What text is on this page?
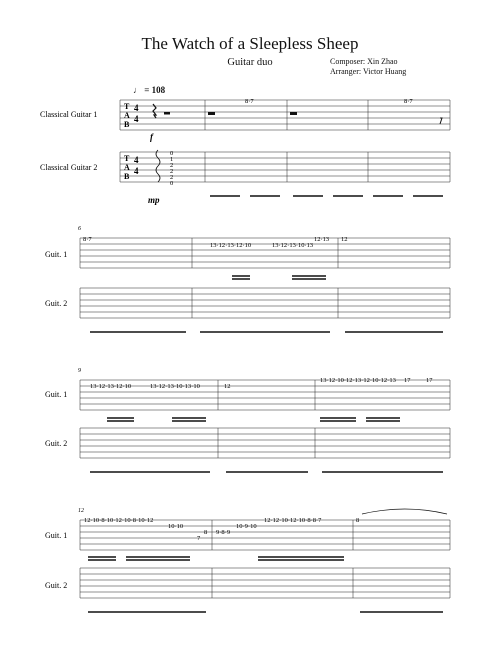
The Watch of a Sleepless Sheep
Guitar duo	Composer: Xin Zhao
Arranger: Victor Huang
♩ = 108
Classical Guitar 1
Classical Guitar 2
T
A
B
4
4
8·7	8·7
f
T
A
B
4
4
0
1
2
2
2
0
mp
6
Guit. 1
Guit. 2
8·7
13·12·13·12·10	13·12·13·10·13
12·13 12
9
Guit. 1
Guit. 2
13·12·13·12·10	13·12·13·10·13·10	12
13·12·10·12·13·12·10·12·13 17 17
12
Guit. 1
Guit. 2
12·10·8·10·12·10·8·10·12
10·10
8
7
9·8·9
10·9·10
12·12·10·12·10·8·8·7	8
